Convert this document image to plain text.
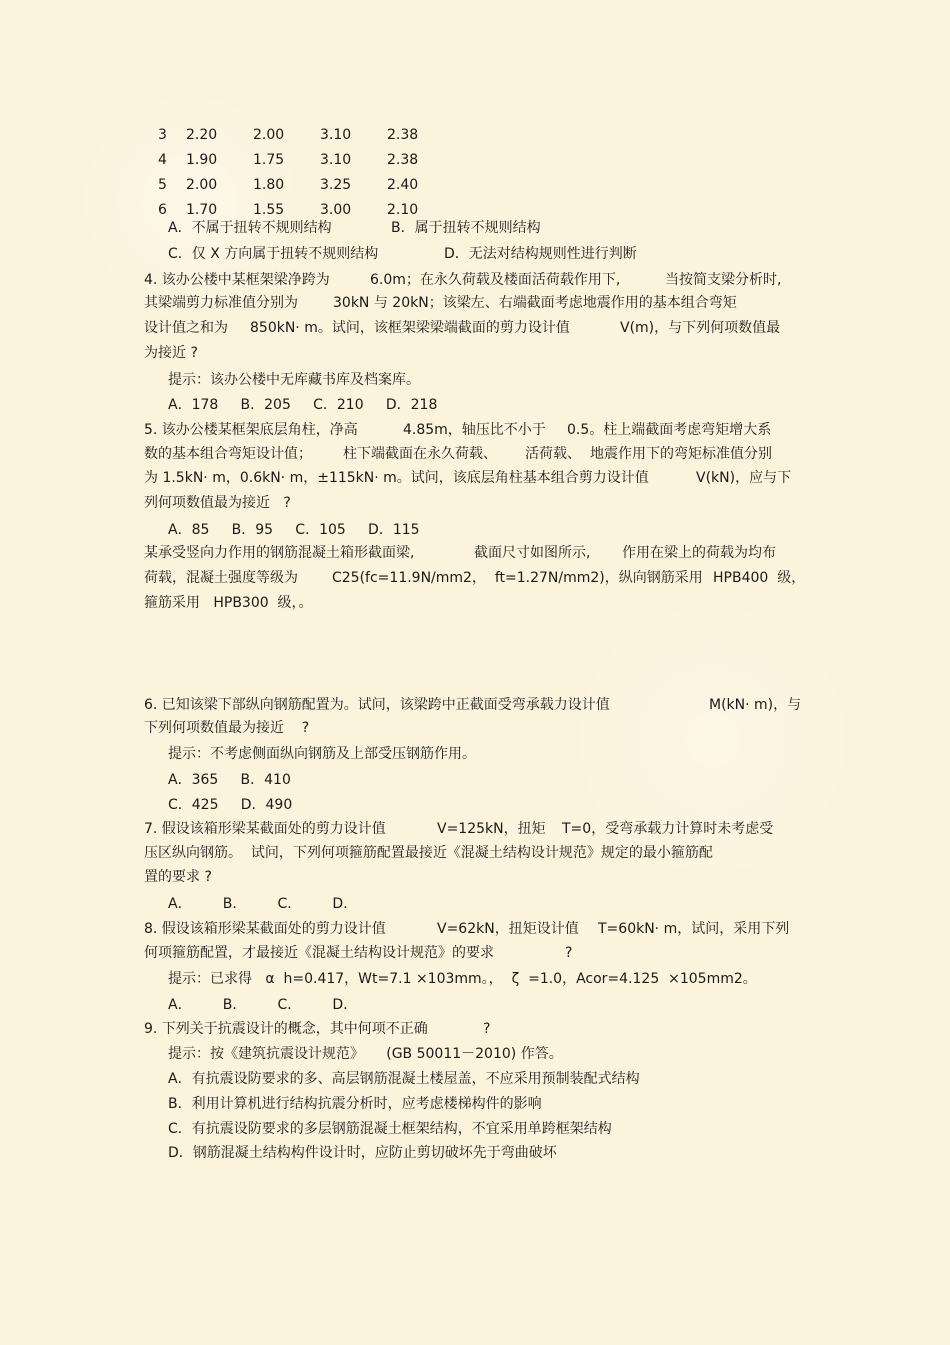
3	2.20	2.00	3.10	2.38
4	1.90	1.75	3.10	2.38
5	2.00	1.80	3.25	2.40
6	1.70	1.55	3.00	2.10
A．不属于扭转不规则结构	B．属于扭转不规则结构
C．仅 X 方向属于扭转不规则结构	D．无法对结构规则性进行判断
4. 该办公楼中某框架梁净跨为	6.0m；在永久荷载及楼面活荷载作用下,	当按简支梁分析时,
其梁端剪力标准值分别为	30kN 与 20kN；该梁左、右端截面考虑地震作用的基本组合弯矩
设计值之和为 850kN· m。试问，该框架梁梁端截面的剪力设计值	V(m)，与下列何项数值最
为接近 ?
提示：该办公楼中无库藏书库及档案库。
A．178     B．205     C．210     D．218
5. 该办公楼某框架底层角柱，净高	4.85m，轴压比不小于 0.5。柱上端截面考虑弯矩增大系
数的基本组合弯矩设计值； 柱下端截面在永久荷载、 活荷载、 地震作用下的弯矩标准值分别
为 1.5kN· m，0.6kN· m，±115kN· m。试问，该底层角柱基本组合剪力设计值	V(kN)，应与下
列何项数值最为接近   ?
A．85     B．95     C．105     D．115
某承受竖向力作用的钢筋混凝土箱形截面梁,	截面尺寸如图所示, 作用在梁上的荷载为均布
荷载，混凝土强度等级为 C25(fc=11.9N/mm2，  ft=1.27N/mm2)，纵向钢筋采用 HPB400  级，
箍筋采用   HPB300  级，。
6. 已知该梁下部纵向钢筋配置为。试问，该梁跨中正截面受弯承载力设计值	M(kN· m)，与
下列何项数值最为接近    ?
提示：不考虑侧面纵向钢筋及上部受压钢筋作用。
A．365     B．410
C．425     D．490
7. 假设该箱形梁某截面处的剪力设计值	V=125kN，扭矩 T=0，受弯承载力计算时未考虑受
压区纵向钢筋。  试问，下列何项箍筋配置最接近《混凝土结构设计规范》规定的最小箍筋配
置的要求 ?
A．       B．       C．       D．
8. 假设该箱形梁某截面处的剪力设计值	V=62kN，扭矩设计值 T=60kN· m，试问，采用下列
何项箍筋配置，才最接近《混凝土结构设计规范》的要求	?
提示：已求得   α  h=0.417，Wt=7.1 ×103mm。，  ζ  =1.0，Acor=4.125  ×105mm2。
A．       B．       C．       D．
9. 下列关于抗震设计的概念，其中何项不正确	?
提示：按《建筑抗震设计规范》     (GB 50011－2010) 作答。
A．有抗震设防要求的多、高层钢筋混凝土楼屋盖，不应采用预制装配式结构
B．利用计算机进行结构抗震分析时，应考虑楼梯构件的影响
C．有抗震设防要求的多层钢筋混凝土框架结构，不宜采用单跨框架结构
D．钢筋混凝土结构构件设计时，应防止剪切破坏先于弯曲破坏
